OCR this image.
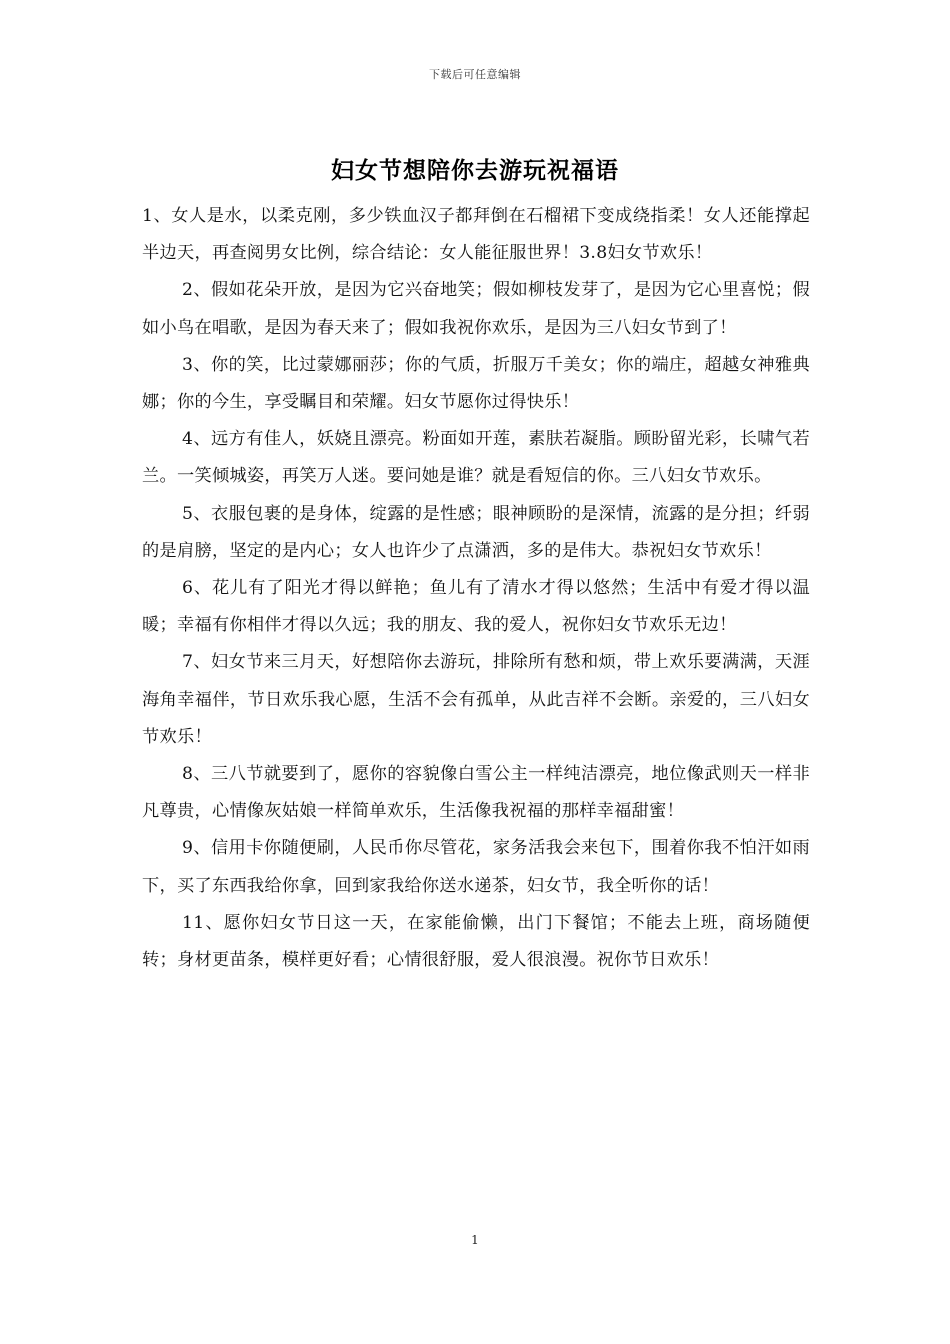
下载后可任意编辑
妇女节想陪你去游玩祝福语

1、女人是水，以柔克刚，多少铁血汉子都拜倒在石榴裙下变成绕指柔！女人还能撑起半边天，再查阅男女比例，综合结论：女人能征服世界！3.8妇女节欢乐！

2、假如花朵开放，是因为它兴奋地笑；假如柳枝发芽了，是因为它心里喜悦；假如小鸟在唱歌，是因为春天来了；假如我祝你欢乐，是因为三八妇女节到了！

3、你的笑，比过蒙娜丽莎；你的气质，折服万千美女；你的端庄，超越女神雅典娜；你的今生，享受瞩目和荣耀。妇女节愿你过得快乐！

4、远方有佳人，妖娆且漂亮。粉面如开莲，素肤若凝脂。顾盼留光彩，长啸气若兰。一笑倾城姿，再笑万人迷。要问她是谁？就是看短信的你。三八妇女节欢乐。

5、衣服包裹的是身体，绽露的是性感；眼神顾盼的是深情，流露的是分担；纤弱的是肩膀，坚定的是内心；女人也许少了点潇洒，多的是伟大。恭祝妇女节欢乐！

6、花儿有了阳光才得以鲜艳；鱼儿有了清水才得以悠然；生活中有爱才得以温暖；幸福有你相伴才得以久远；我的朋友、我的爱人，祝你妇女节欢乐无边！

7、妇女节来三月天，好想陪你去游玩，排除所有愁和烦，带上欢乐要满满，天涯海角幸福伴，节日欢乐我心愿，生活不会有孤单，从此吉祥不会断。亲爱的，三八妇女节欢乐！

8、三八节就要到了，愿你的容貌像白雪公主一样纯洁漂亮，地位像武则天一样非凡尊贵，心情像灰姑娘一样简单欢乐，生活像我祝福的那样幸福甜蜜！

9、信用卡你随便刷，人民币你尽管花，家务活我会来包下，围着你我不怕汗如雨下，买了东西我给你拿，回到家我给你送水递茶，妇女节，我全听你的话！

11、愿你妇女节日这一天，在家能偷懒，出门下餐馆；不能去上班，商场随便转；身材更苗条，模样更好看；心情很舒服，爱人很浪漫。祝你节日欢乐！

1
